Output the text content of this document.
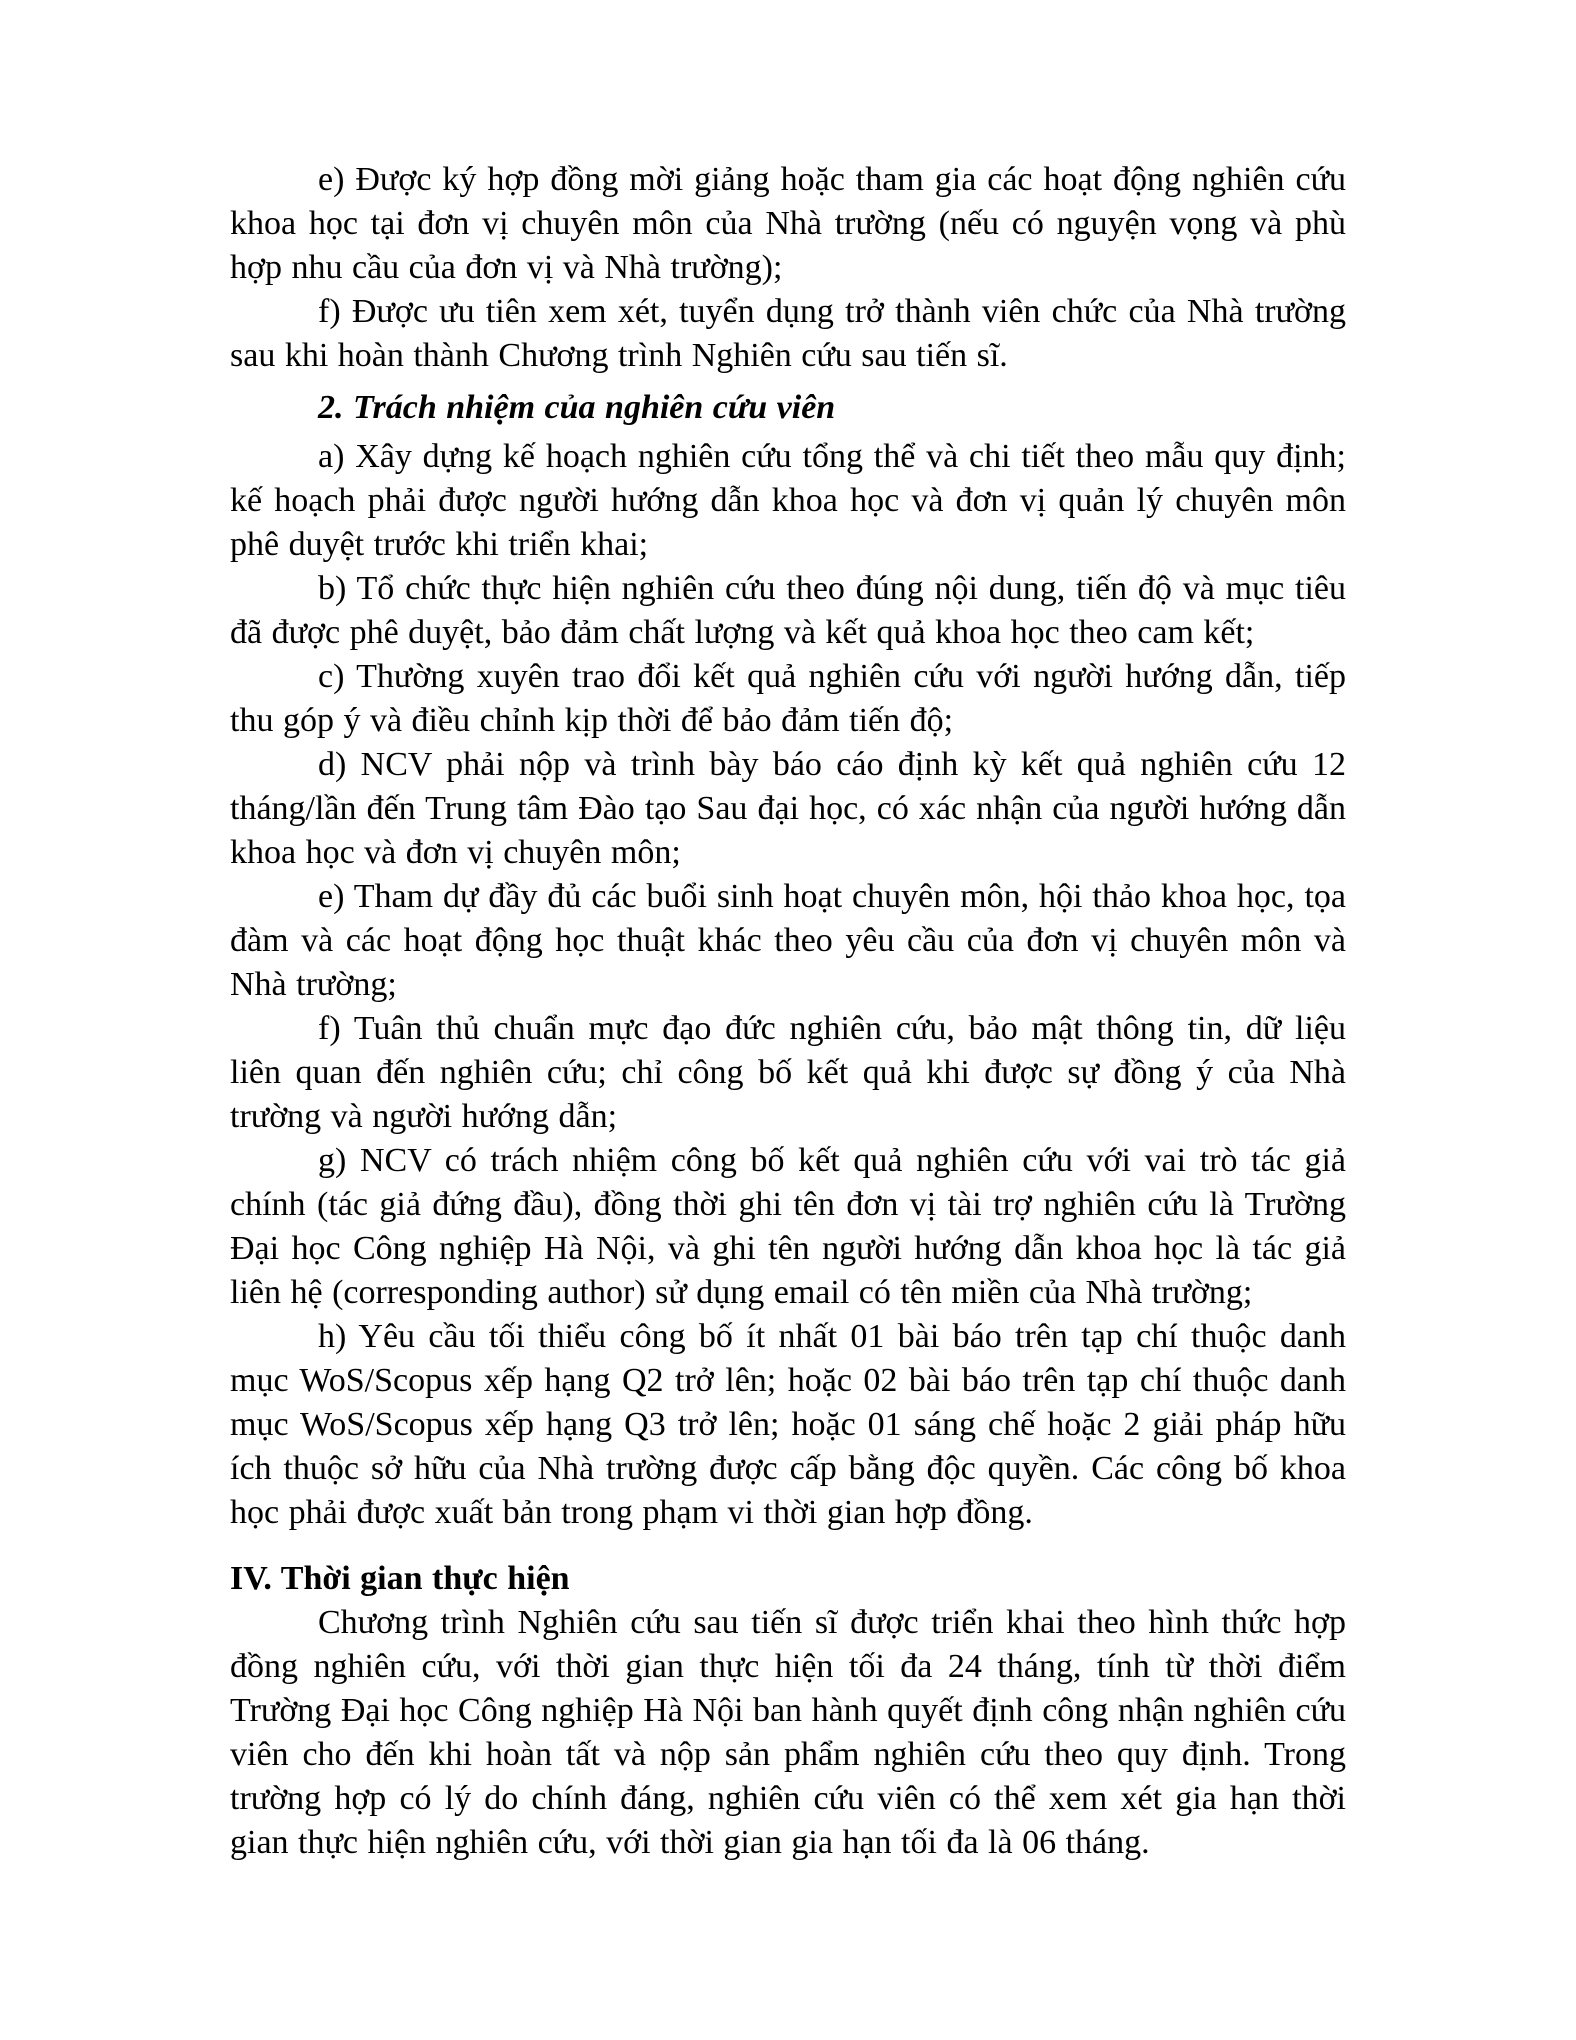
e) Được ký hợp đồng mời giảng hoặc tham gia các hoạt động nghiên cứu khoa học tại đơn vị chuyên môn của Nhà trường (nếu có nguyện vọng và phù hợp nhu cầu của đơn vị và Nhà trường);

f) Được ưu tiên xem xét, tuyển dụng trở thành viên chức của Nhà trường sau khi hoàn thành Chương trình Nghiên cứu sau tiến sĩ.

2. Trách nhiệm của nghiên cứu viên

a) Xây dựng kế hoạch nghiên cứu tổng thể và chi tiết theo mẫu quy định; kế hoạch phải được người hướng dẫn khoa học và đơn vị quản lý chuyên môn phê duyệt trước khi triển khai;

b) Tổ chức thực hiện nghiên cứu theo đúng nội dung, tiến độ và mục tiêu đã được phê duyệt, bảo đảm chất lượng và kết quả khoa học theo cam kết;

c) Thường xuyên trao đổi kết quả nghiên cứu với người hướng dẫn, tiếp thu góp ý và điều chỉnh kịp thời để bảo đảm tiến độ;

d) NCV phải nộp và trình bày báo cáo định kỳ kết quả nghiên cứu 12 tháng/lần đến Trung tâm Đào tạo Sau đại học, có xác nhận của người hướng dẫn khoa học và đơn vị chuyên môn;

e) Tham dự đầy đủ các buổi sinh hoạt chuyên môn, hội thảo khoa học, tọa đàm và các hoạt động học thuật khác theo yêu cầu của đơn vị chuyên môn và Nhà trường;

f) Tuân thủ chuẩn mực đạo đức nghiên cứu, bảo mật thông tin, dữ liệu liên quan đến nghiên cứu; chỉ công bố kết quả khi được sự đồng ý của Nhà trường và người hướng dẫn;

g) NCV có trách nhiệm công bố kết quả nghiên cứu với vai trò tác giả chính (tác giả đứng đầu), đồng thời ghi tên đơn vị tài trợ nghiên cứu là Trường Đại học Công nghiệp Hà Nội, và ghi tên người hướng dẫn khoa học là tác giả liên hệ (corresponding author) sử dụng email có tên miền của Nhà trường;

h) Yêu cầu tối thiểu công bố ít nhất 01 bài báo trên tạp chí thuộc danh mục WoS/Scopus xếp hạng Q2 trở lên; hoặc 02 bài báo trên tạp chí thuộc danh mục WoS/Scopus xếp hạng Q3 trở lên; hoặc 01 sáng chế hoặc 2 giải pháp hữu ích thuộc sở hữu của Nhà trường được cấp bằng độc quyền. Các công bố khoa học phải được xuất bản trong phạm vi thời gian hợp đồng.

IV. Thời gian thực hiện

Chương trình Nghiên cứu sau tiến sĩ được triển khai theo hình thức hợp đồng nghiên cứu, với thời gian thực hiện tối đa 24 tháng, tính từ thời điểm Trường Đại học Công nghiệp Hà Nội ban hành quyết định công nhận nghiên cứu viên cho đến khi hoàn tất và nộp sản phẩm nghiên cứu theo quy định. Trong trường hợp có lý do chính đáng, nghiên cứu viên có thể xem xét gia hạn thời gian thực hiện nghiên cứu, với thời gian gia hạn tối đa là 06 tháng.
